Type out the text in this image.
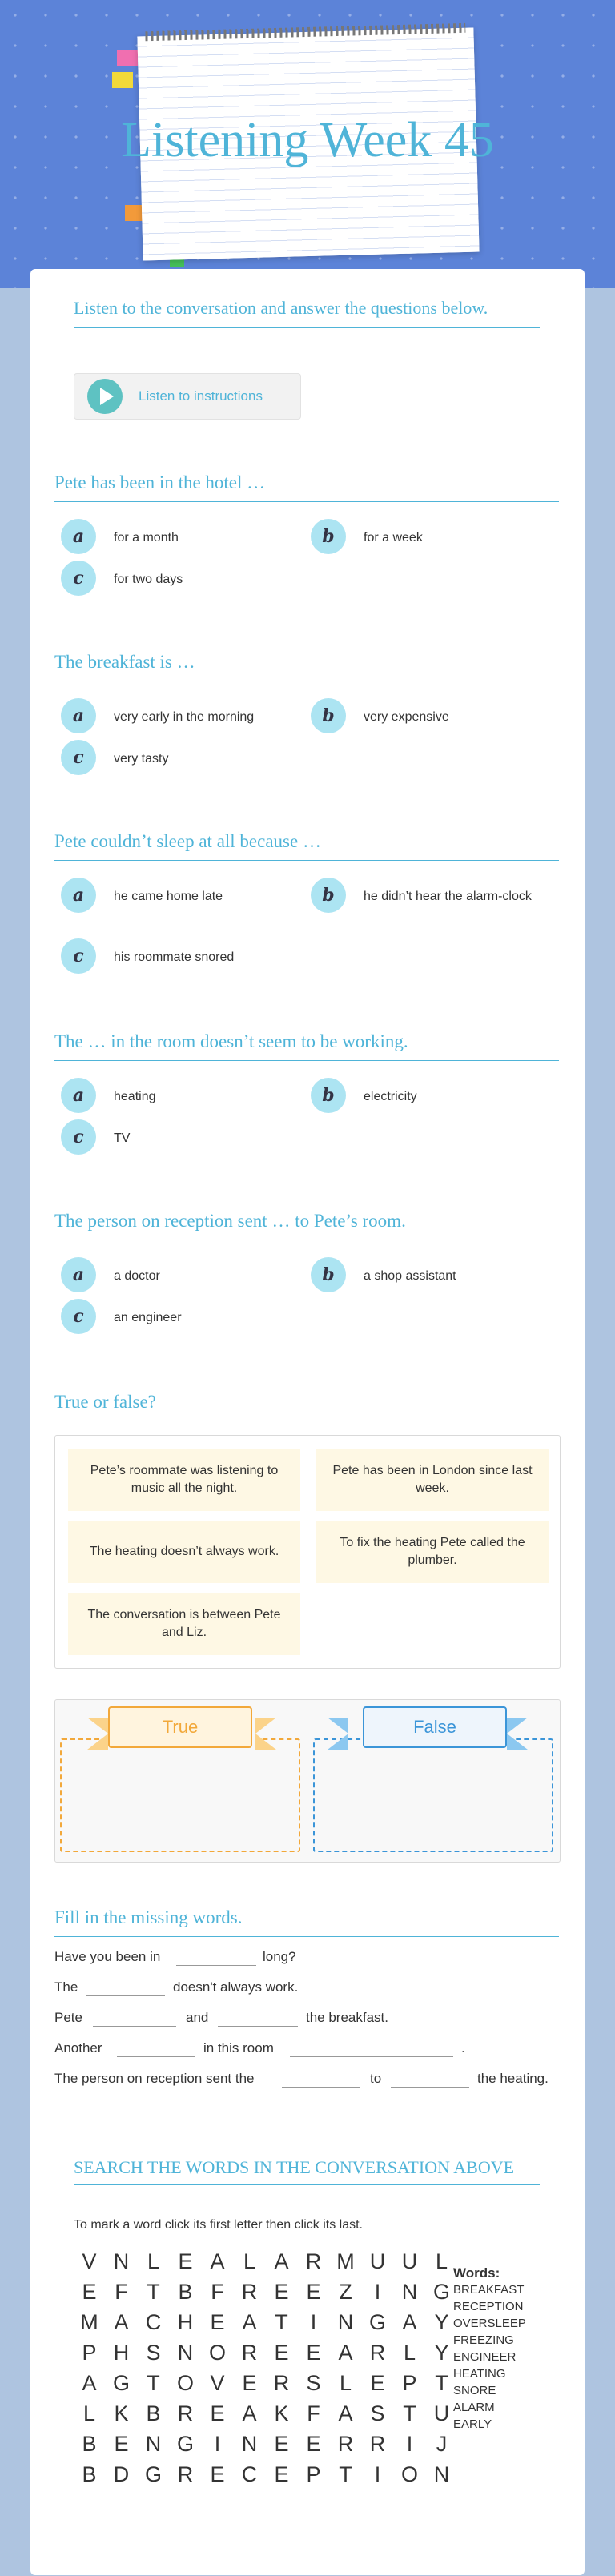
Listening Week 45

Listen to the conversation and answer the questions below.

Listen to instructions
Pete has been in the hotel …
a	for a month	b	for a week
c	for two days
The breakfast is …
a	very early in the morning	b	very expensive
c	very tasty
Pete couldn’t sleep at all because …
a	he came home late	b	he didn’t hear the alarm-clock
c	his roommate snored
The … in the room doesn’t seem to be working.
a	heating	b	electricity
c	TV
The person on reception sent … to Pete’s room.
a	a doctor	b	a shop assistant
c	an engineer
True or false?
Pete’s roommate was listening to music all the night.
Pete has been in London since last week.
The heating doesn’t always work.
To fix the heating Pete called the plumber.
The conversation is between Pete and Liz.
True	False
Fill in the missing words.
Have you been in	long?
The	doesn't always work.
Pete	and	the breakfast.
Another	in this room	.
The person on reception sent the	to	the heating.
SEARCH THE WORDS IN THE CONVERSATION ABOVE
To mark a word click its first letter then click its last.
V N L E A L A R M U U L
E F T B F R E E Z I N G
M A C H E A T I N G A Y
P H S N O R E E A R L Y
A G T O V E R S L E P T
L K B R E A K F A S T U
B E N G I N E E R R I	J
B D G R E C E P T I O N
Words:
BREAKFAST
RECEPTION
OVERSLEEP
FREEZING
ENGINEER
HEATING
SNORE
ALARM
EARLY
